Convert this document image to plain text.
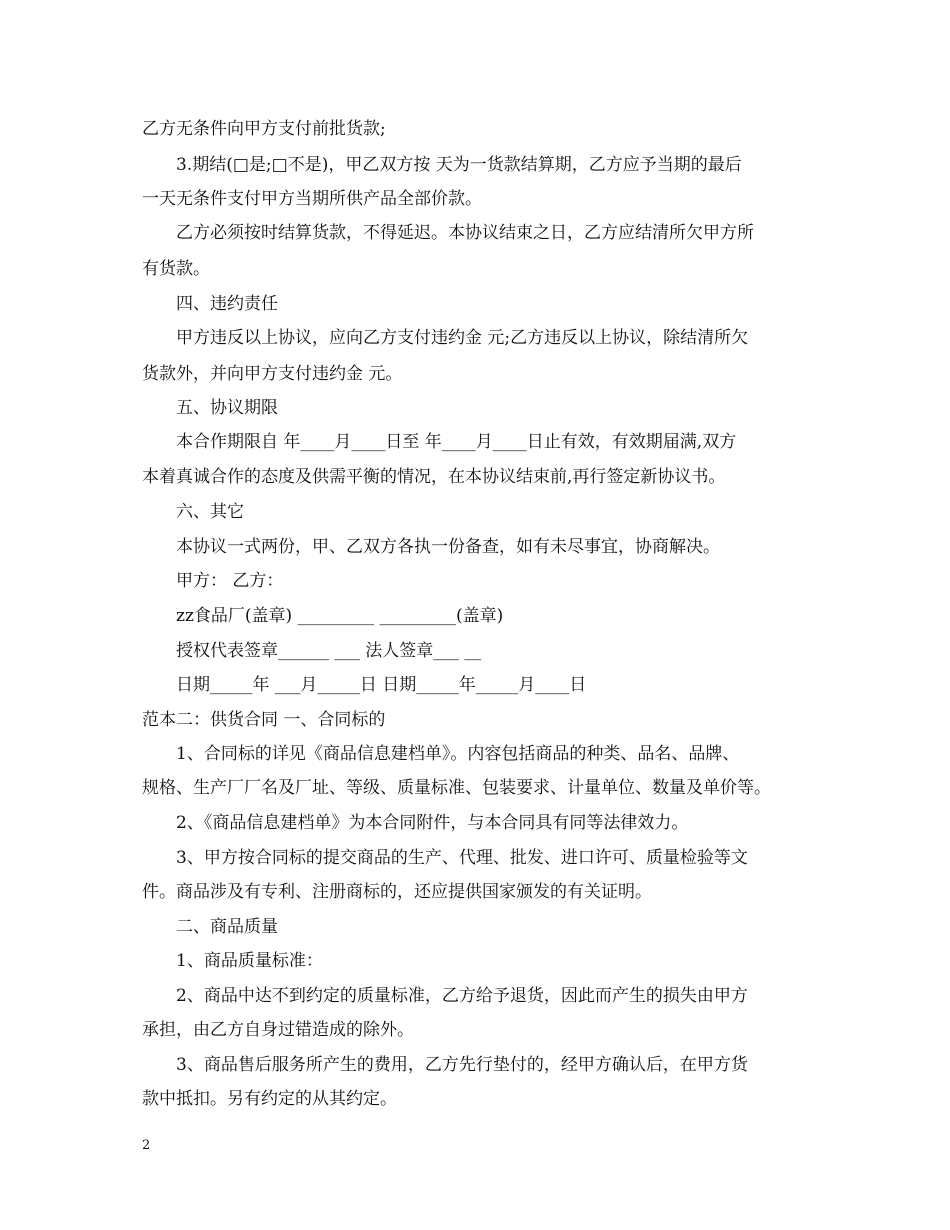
乙方无条件向甲方支付前批货款;
3.期结(□是;□不是)，甲乙双方按 天为一货款结算期，乙方应予当期的最后
一天无条件支付甲方当期所供产品全部价款。
乙方必须按时结算货款，不得延迟。本协议结束之日，乙方应结清所欠甲方所
有货款。
四、违约责任
甲方违反以上协议，应向乙方支付违约金 元;乙方违反以上协议，除结清所欠
货款外，并向甲方支付违约金 元。
五、协议期限
本合作期限自 年____月____日至 年____月____日止有效，有效期届满,双方
本着真诚合作的态度及供需平衡的情况，在本协议结束前,再行签定新协议书。
六、其它
本协议一式两份，甲、乙双方各执一份备查，如有未尽事宜，协商解决。
甲方： 乙方：
zz食品厂(盖章) _________ _________(盖章)
授权代表签章______ ___ 法人签章___ __
日期_____年 ___月_____日 日期_____年_____月____日
范本二：供货合同 一、合同标的
1、合同标的详见《商品信息建档单》。内容包括商品的种类、品名、品牌、
规格、生产厂厂名及厂址、等级、质量标准、包装要求、计量单位、数量及单价等。
2、《商品信息建档单》为本合同附件，与本合同具有同等法律效力。
3、甲方按合同标的提交商品的生产、代理、批发、进口许可、质量检验等文
件。商品涉及有专利、注册商标的，还应提供国家颁发的有关证明。
二、商品质量
1、商品质量标准：
2、商品中达不到约定的质量标准，乙方给予退货，因此而产生的损失由甲方
承担，由乙方自身过错造成的除外。
3、商品售后服务所产生的费用，乙方先行垫付的，经甲方确认后，在甲方货
款中抵扣。另有约定的从其约定。
2
